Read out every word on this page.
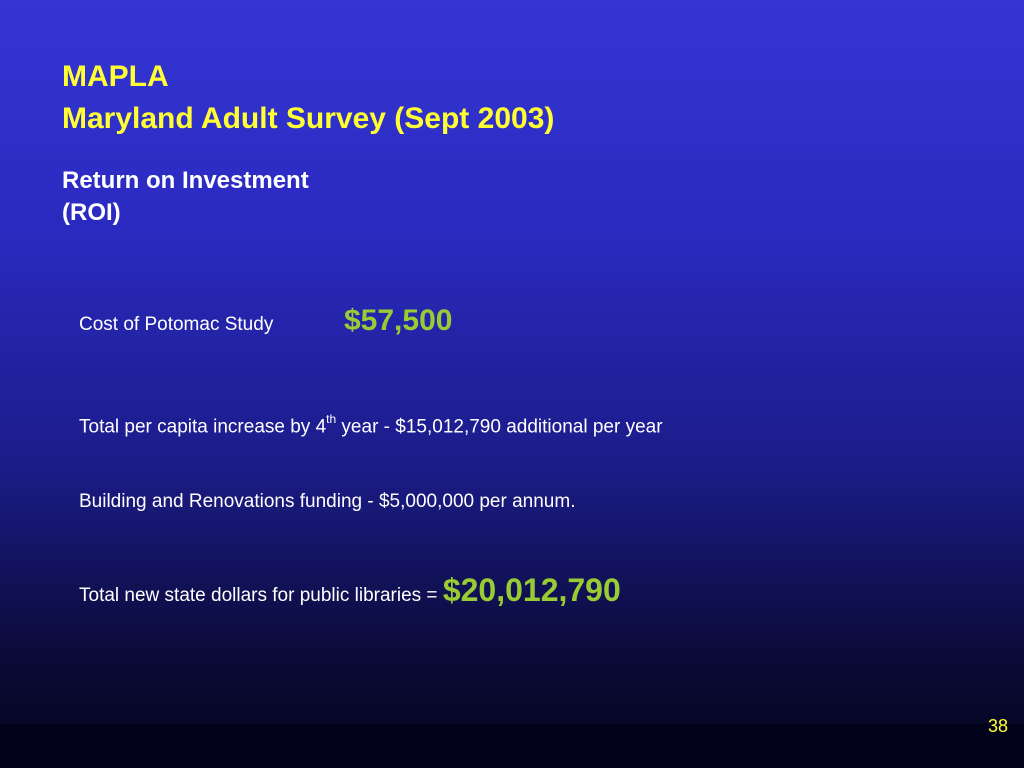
MAPLA
Maryland Adult Survey (Sept 2003)
Return on Investment
(ROI)
Cost of Potomac Study $57,500
Total per capita increase by 4th year - $15,012,790 additional per year
Building and Renovations funding - $5,000,000 per annum.
Total new state dollars for public libraries = $20,012,790
38
